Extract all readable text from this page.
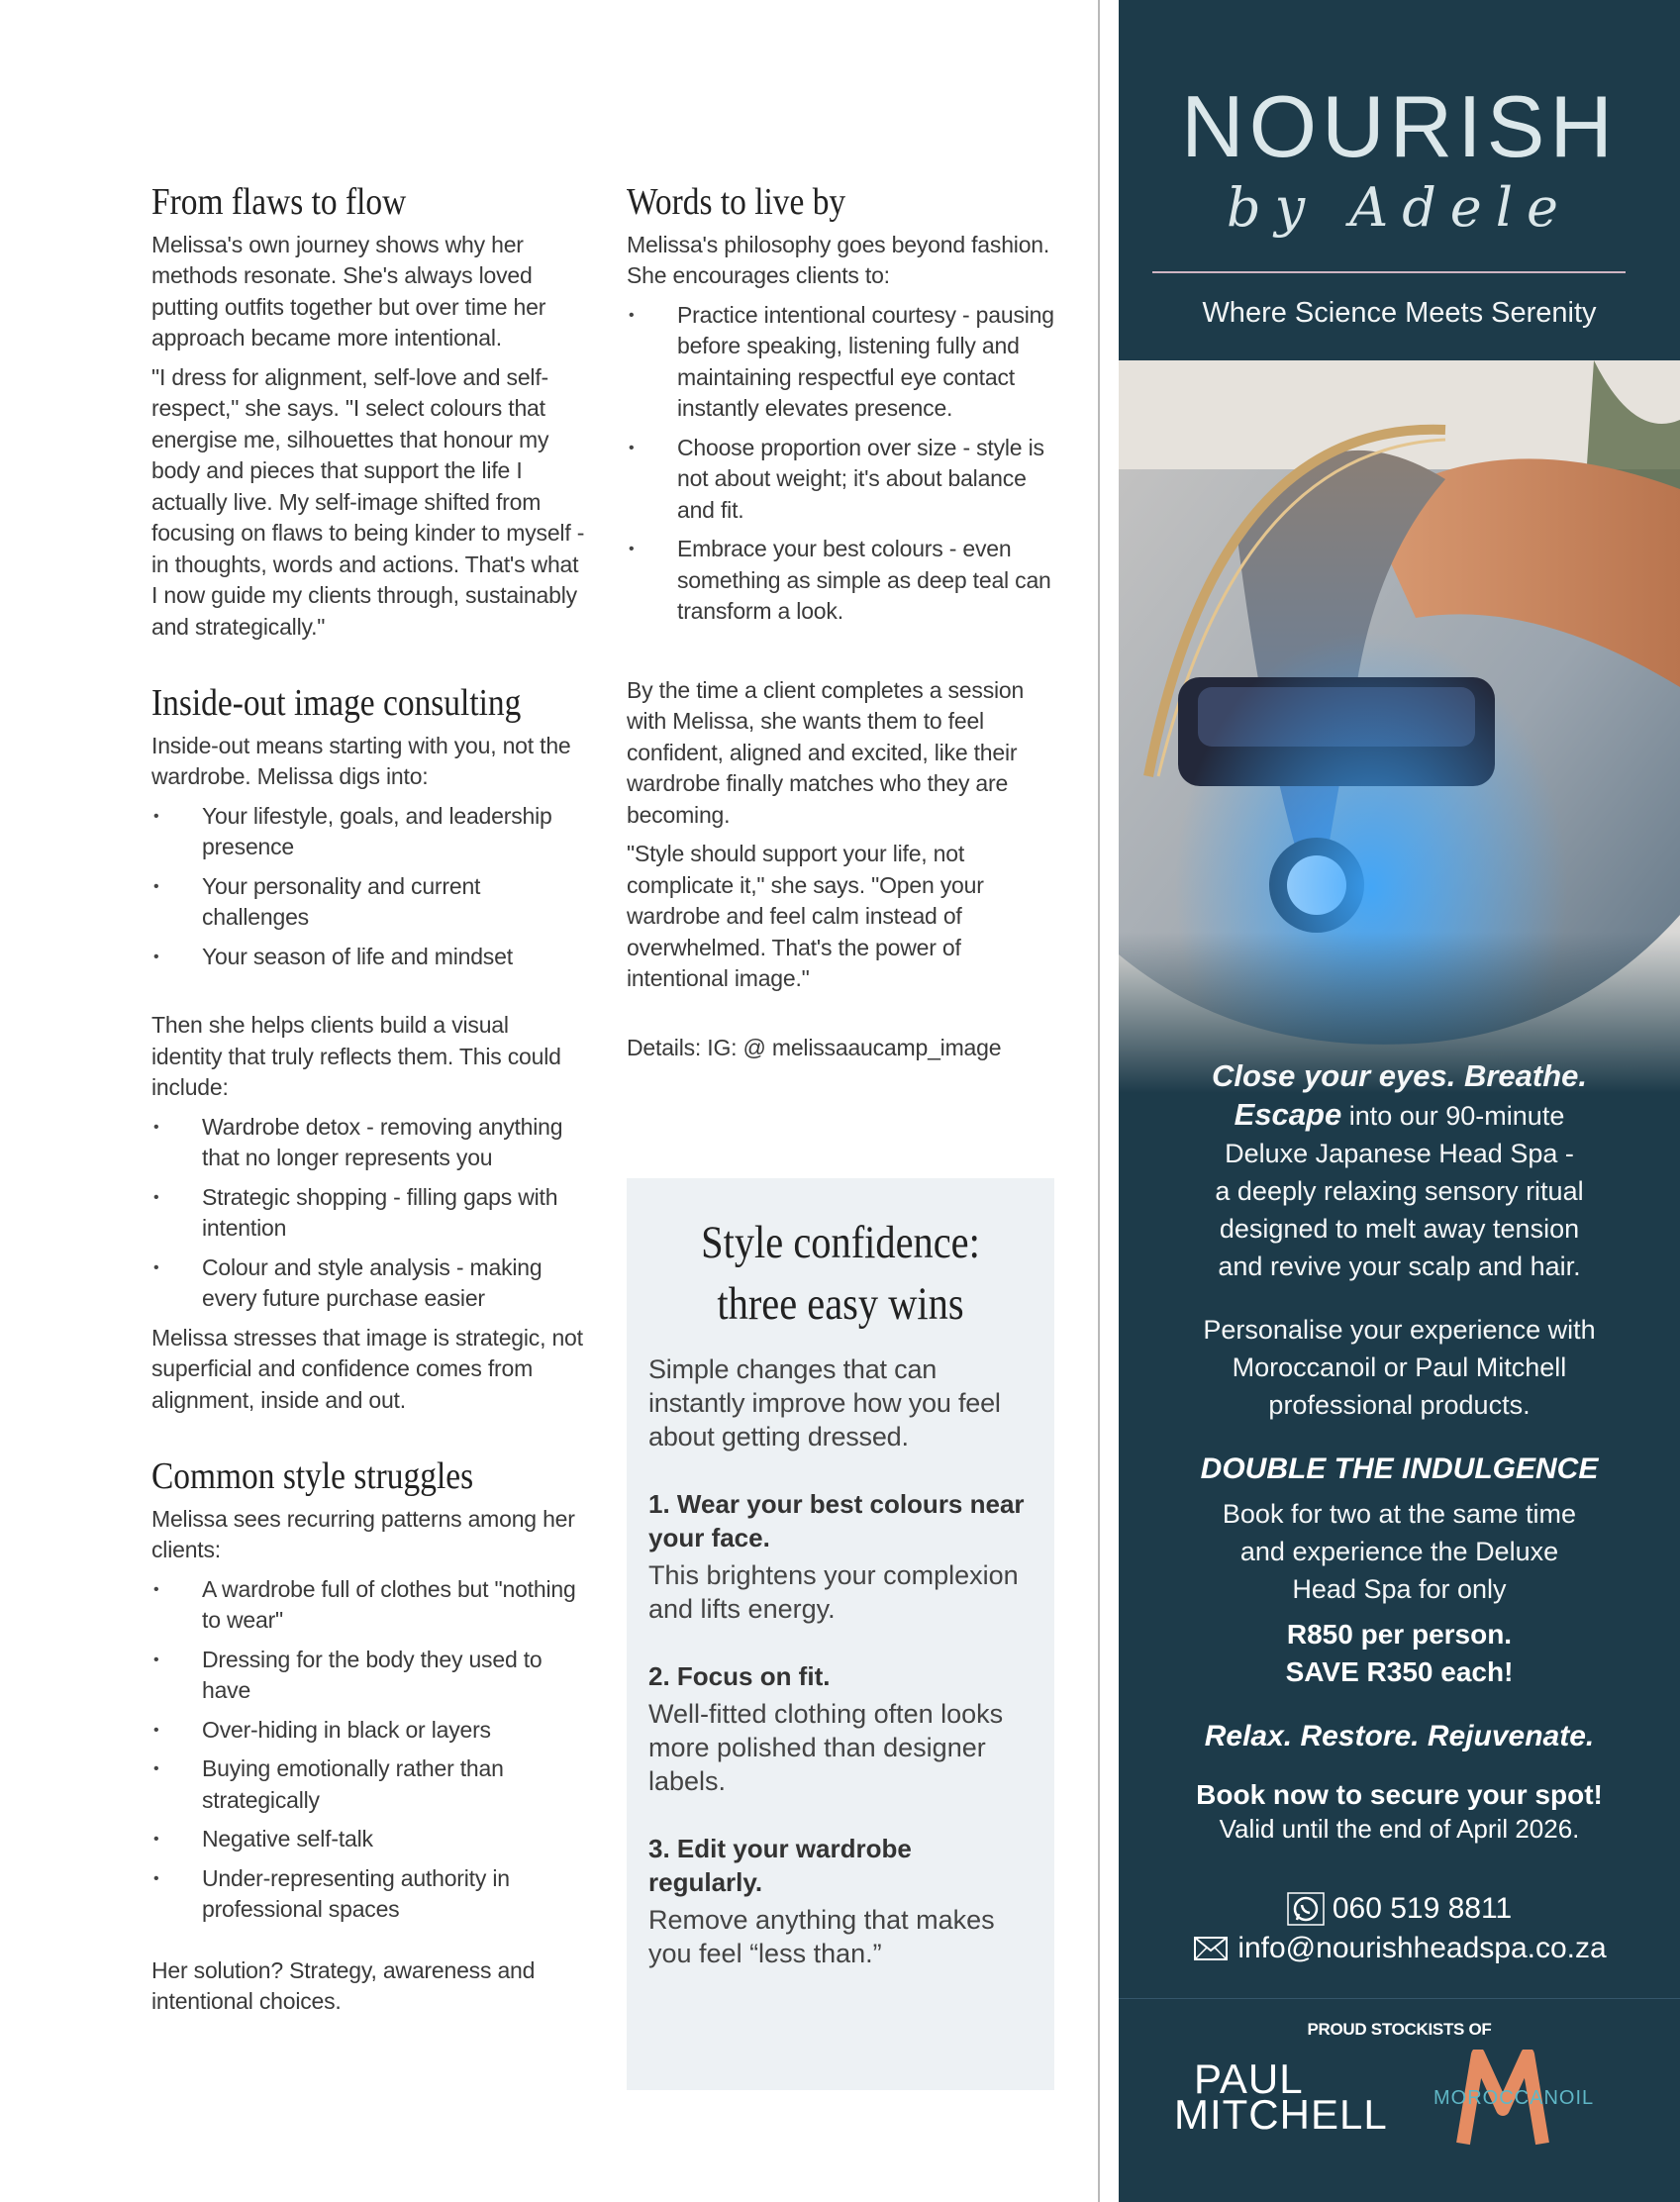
From flaws to flow

Melissa's own journey shows why her methods resonate. She's always loved putting outfits together but over time her approach became more intentional.

"I dress for alignment, self-love and self-respect," she says. "I select colours that energise me, silhouettes that honour my body and pieces that support the life I actually live. My self-image shifted from focusing on flaws to being kinder to myself - in thoughts, words and actions. That's what I now guide my clients through, sustainably and strategically."

Inside-out image consulting

Inside-out means starting with you, not the wardrobe. Melissa digs into:

• Your lifestyle, goals, and leadership presence
• Your personality and current challenges
• Your season of life and mindset

Then she helps clients build a visual identity that truly reflects them. This could include:

• Wardrobe detox - removing anything that no longer represents you
• Strategic shopping - filling gaps with intention
• Colour and style analysis - making every future purchase easier

Melissa stresses that image is strategic, not superficial and confidence comes from alignment, inside and out.

Common style struggles

Melissa sees recurring patterns among her clients:

• A wardrobe full of clothes but "nothing to wear"
• Dressing for the body they used to have
• Over-hiding in black or layers
• Buying emotionally rather than strategically
• Negative self-talk
• Under-representing authority in professional spaces

Her solution? Strategy, awareness and intentional choices.

Words to live by

Melissa's philosophy goes beyond fashion. She encourages clients to:

• Practice intentional courtesy - pausing before speaking, listening fully and maintaining respectful eye contact instantly elevates presence.
• Choose proportion over size - style is not about weight; it's about balance and fit.
• Embrace your best colours - even something as simple as deep teal can transform a look.

By the time a client completes a session with Melissa, she wants them to feel confident, aligned and excited, like their wardrobe finally matches who they are becoming.

"Style should support your life, not complicate it," she says. "Open your wardrobe and feel calm instead of overwhelmed. That's the power of intentional image."

Details: IG: @ melissaaucamp_image

Style confidence:
three easy wins

Simple changes that can instantly improve how you feel about getting dressed.

1. Wear your best colours near your face.
This brightens your complexion and lifts energy.
2. Focus on fit.
Well-fitted clothing often looks more polished than designer labels.
3. Edit your wardrobe regularly.
Remove anything that makes you feel “less than.”
NOURISH
by Adele
Where Science Meets Serenity
Close your eyes. Breathe.
Escape into our 90-minute
Deluxe Japanese Head Spa -
a deeply relaxing sensory ritual
designed to melt away tension
and revive your scalp and hair.
Personalise your experience with
Moroccanoil or Paul Mitchell
professional products.
DOUBLE THE INDULGENCE
Book for two at the same time
and experience the Deluxe
Head Spa for only
R850 per person.
SAVE R350 each!
Relax. Restore. Rejuvenate.
Book now to secure your spot!
Valid until the end of April 2026.
060 519 8811
info@nourishheadspa.co.za
PROUD STOCKISTS OF
PAUL
MITCHELL MOROCCANOIL
